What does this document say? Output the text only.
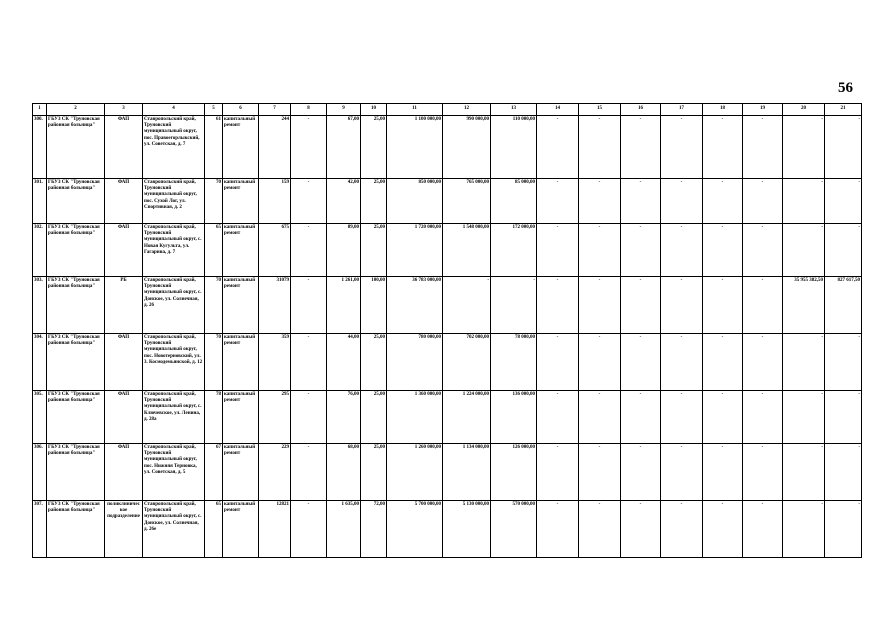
56
1	2	3	4	5	6	7	8	9	10	11	12	13	14	15	16	17	18	19	20	21
300.	ГБУЗ СК "Труновская районная больница"	ФАП	Ставропольский край, Труновский муниципальный округ, пос. Правоегорлыкский, ул. Советская, д. 7	61	капитальный ремонт	244	-	67,00	25,00	1 100 000,00	990 000,00	110 000,00	-	-	-	-	-	-	-	-
301.	ГБУЗ СК "Труновская районная больница"	ФАП	Ставропольский край, Труновский муниципальный округ, пос. Сухой Лог, ул. Спортивная, д. 2	70	капитальный ремонт	159	-	42,00	25,00	850 000,00	765 000,00	85 000,00	-	-	-	-	-	-	-	-
302.	ГБУЗ СК "Труновская районная больница"	ФАП	Ставропольский край, Труновский муниципальный округ, с. Новая Кугульта, ул. Гагарина, д. 7	65	капитальный ремонт	675	-	89,00	25,00	1 720 000,00	1 548 000,00	172 000,00	-	-	-	-	-	-	-	-
303.	ГБУЗ СК "Труновская районная больница"	РБ	Ставропольский край, Труновский муниципальный округ, с. Донское, ул. Солнечная, д. 26	70	капитальный ремонт	31079	-	1 261,00	100,00	36 783 000,00	-	-	-	-	-	-	-	-	35 955 382,50	827 617,50
304.	ГБУЗ СК "Труновская районная больница"	ФАП	Ставропольский край, Труновский муниципальный округ, пос. Новотерновский, ул. 3. Космодемьянской, д. 12	70	капитальный ремонт	359	-	44,00	25,00	780 000,00	702 000,00	78 000,00	-	-	-	-	-	-	-	-
305.	ГБУЗ СК "Труновская районная больница"	ФАП	Ставропольский край, Труновский муниципальный округ, с. Ключевское, ул. Ленина, д. 28а	78	капитальный ремонт	295	-	76,00	25,00	1 360 000,00	1 224 000,00	136 000,00	-	-	-	-	-	-	-	-
306.	ГБУЗ СК "Труновская районная больница"	ФАП	Ставропольский край, Труновский муниципальный округ, пос. Нижняя Терновка, ул. Советская, д. 5	67	капитальный ремонт	229	-	68,00	25,00	1 260 000,00	1 134 000,00	126 000,00	-	-	-	-	-	-	-	-
307.	ГБУЗ СК "Труновская районная больница"	поликлиническое подразделение	Ставропольский край, Труновский муниципальный округ, с. Донское, ул. Солнечная, д. 26е	65	капитальный ремонт	12821	-	1 635,00	72,00	5 700 000,00	5 130 000,00	570 000,00	-	-	-	-	-	-	-	-
